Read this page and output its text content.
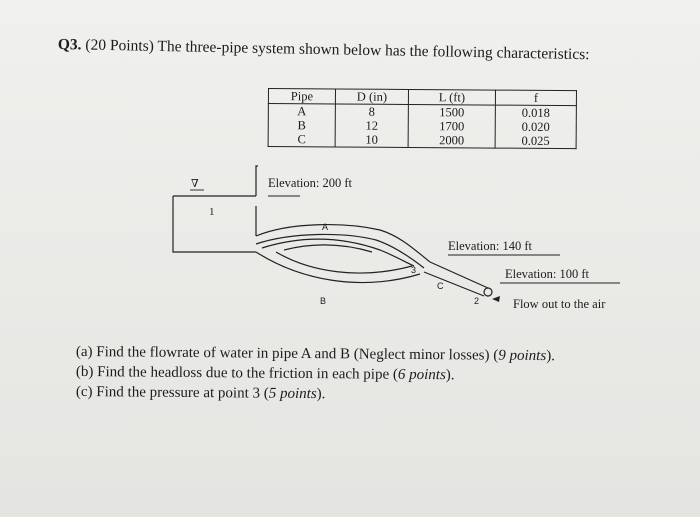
Q3. (20 Points) The three-pipe system shown below has the following characteristics:
Pipe	D (in)	L (ft)	f
A	8	1500	0.018
B	12	1700	0.020
C	10	2000	0.025
∇	Elevation: 200 ft
1
A
B
3
C
2
Elevation: 140 ft
Elevation: 100 ft
Flow out to the air
(a) Find the flowrate of water in pipe A and B (Neglect minor losses) (9 points).
(b) Find the headloss due to the friction in each pipe (6 points).
(c) Find the pressure at point 3 (5 points).
